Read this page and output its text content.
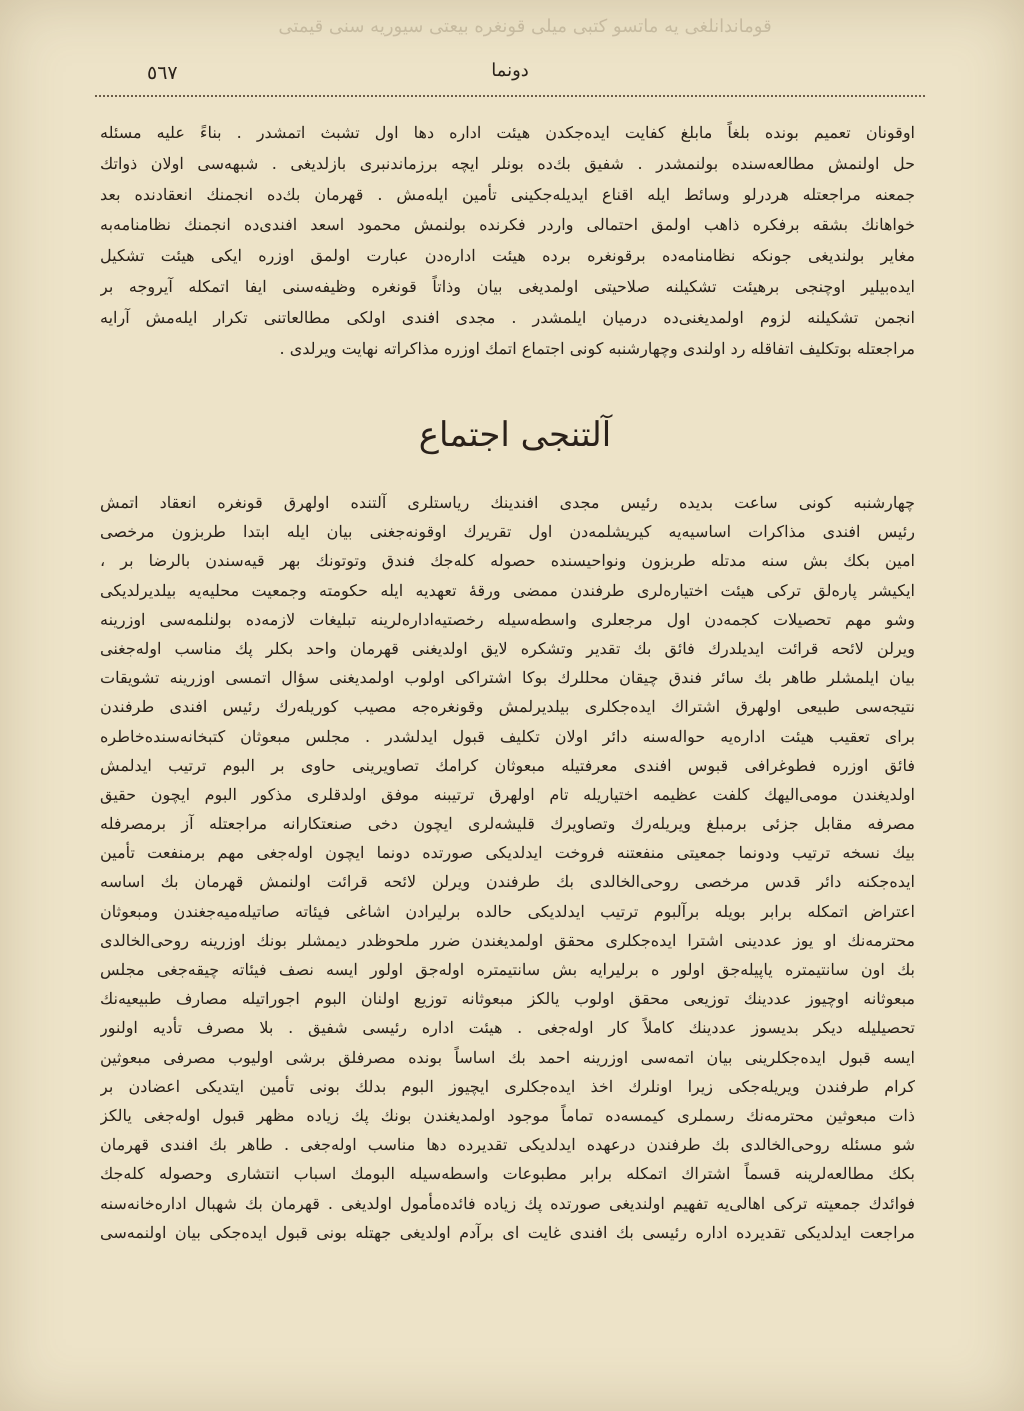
قوماندانلغی یه ماتسو کتبی میلی قونغره بیعتی سیوریه سنی قیمتی
٥٦٧	دونما
اوقونان تعمیم بونده بلغاً مابلغ کفایت ایده‌جکدن هیئت اداره دها اول تشبث اتمشدر . بناءً علیه مسئله
حل اولنمش مطالعه‌سنده بولنمشدر . شفیق بك‌ده بونلر ایچه برزماندنبری بازلدیغی . شبهه‌سی اولان ذواتك
جمعنه مراجعتله هردرلو وسائط ایله اقناع ایدیله‌جکینی تأمین ایله‌مش . قهرمان بك‌ده انجمنك انعقادنده بعد
خواهانك بشقه برفکره ذاهب اولمق احتمالی واردر فکرنده بولنمش محمود اسعد افندی‌ده انجمنك نظامنامه‌به
مغایر بولندیغی جونکه نظامنامه‌ده برقونغره برده هیئت اداره‌دن عبارت اولمق اوزره ایکی هیئت تشکیل
ایده‌بیلیر اوچنجی برهیئت تشکیلنه صلاحیتی اولمدیغی بیان وذاتاً قونغره وظیفه‌سنی ایفا اتمکله آیروجه بر
انجمن تشکیلنه لزوم اولمدیغنی‌ده درمیان ایلمشدر . مجدی افندی اولکی مطالعاتنی تکرار ایله‌مش آرایه
مراجعتله بوتکلیف اتفاقله رد اولندی وچهارشنبه کونی اجتماع اتمك اوزره مذاکراته نهایت ویرلدی .
آلتنجی اجتماع
چهارشنبه کونی ساعت بدیده رئیس مجدی افندینك ریاستلری آلتنده اولهرق قونغره انعقاد اتمش
رئیس افندی مذاکرات اساسیه‌یه کیریشلمه‌دن اول تقریرك اوقونه‌جغنی بیان ایله ابتدا طربزون مرخصی
امین بکك بش سنه مدتله طربزون ونواحیسنده حصوله کله‌جك فندق وتوتونك بهر قیه‌سندن بالرضا بر ،
ایکیشر پاره‌لق ترکی هیئت اختیاره‌لری طرفندن ممضی ورقهٔ تعهدیه ایله حکومته وجمعیت محلیه‌یه بیلدیرلدیکی
وشو مهم تحصیلات کجمه‌دن اول مرجعلری واسطه‌سیله رخصتیه‌اداره‌لرینه تبلیغات لازمه‌ده بولنلمه‌سی اوزرینه
ویرلن لائحه قرائت ایدیلدرك فائق بك تقدیر وتشکره لایق اولدیغنی قهرمان واحد بکلر پك مناسب اوله‌جغنی
بیان ایلمشلر طاهر بك سائر فندق چیقان محللرك بوکا اشتراکی اولوب اولمدیغنی سؤال اتمسی اوزرینه تشویقات
نتیجه‌سی طبیعی اولهرق اشتراك ایده‌جکلری بیلدیرلمش وقونغره‌جه مصیب کوریله‌رك رئیس افندی طرفندن
برای تعقیب هیئت اداره‌یه حواله‌سنه دائر اولان تکلیف قبول ایدلشدر . مجلس مبعوثان کتبخانه‌سنده‌خاطره
فائق اوزره فطوغرافی قبوس افندی معرفتیله مبعوثان کرامك تصاویرینی حاوی بر البوم ترتیب ایدلمش
اولدیغندن مومی‌الیهك کلفت عظیمه اختیاریله تام اولهرق ترتیبنه موفق اولدقلری مذکور البوم ایچون حقیق
مصرفه مقابل جزئی برمبلغ ویریله‌رك وتصاویرك قلیشه‌لری ایچون دخی صنعتکارانه مراجعتله آز برمصرفله
بیك نسخه ترتیب ودونما جمعیتی منفعتنه فروخت ایدلدیکی صورتده دونما ایچون اوله‌جغی مهم برمنفعت تأمین
ایده‌جکنه دائر قدس مرخصی روحی‌الخالدی بك طرفندن ویرلن لائحه قرائت اولنمش قهرمان بك اساسه
اعتراض اتمکله برابر بویله برآلبوم ترتیب ایدلدیکی حالده برلیرادن اشاغی فیئاته صاتیله‌میه‌جغندن ومبعوثان
محترمه‌نك او یوز عددینی اشترا ایده‌جکلری محقق اولمدیغندن ضرر ملحوظدر دیمشلر بونك اوزرینه روحی‌الخالدی
بك اون سانتیمتره یاپیله‌جق اولور ه برلیرایه بش سانتیمتره اوله‌جق اولور ایسه نصف فیئاته چیقه‌جغی مجلس
مبعوثانه اوچیوز عددینك توزیعی محقق اولوب یالکز مبعوثانه توزیع اولنان البوم اجوراتیله مصارف طبیعیه‌نك
تحصیلیله دیکر بدیسوز عددینك کاملاً کار اوله‌جغی . هیئت اداره رئیسی شفیق . بلا مصرف تأدیه اولنور
ایسه قبول ایده‌جکلرینی بیان اتمه‌سی اوزرینه احمد بك اساساً بونده مصرفلق برشی اولیوب مصرفی مبعوثین
کرام طرفندن ویریله‌جکی زیرا اونلرك اخذ ایده‌جکلری ایچیوز البوم بدلك بونی تأمین ایتدیکی اعضادن بر
ذات مبعوثین محترمه‌نك رسملری کیمسه‌ده تماماً موجود اولمدیغندن بونك پك زیاده مظهر قبول اوله‌جغی یالکز
شو مسئله روحی‌الخالدی بك طرفندن درعهده ایدلدیکی تقدیرده دها مناسب اوله‌جغی . طاهر بك افندی قهرمان
بکك مطالعه‌لرینه قسماً اشتراك اتمکله برابر مطبوعات واسطه‌سیله البومك اسباب انتشاری وحصوله کله‌جك
فوائدك جمعیته ترکی اهالی‌یه تفهیم اولندیغی صورتده پك زیاده فائده‌مأمول اولدیغی . قهرمان بك شهبال اداره‌خانه‌سنه
مراجعت ایدلدیکی تقدیرده اداره رئیسی بك افندی غایت ای برآدم اولدیغی جهتله بونی قبول ایده‌جکی بیان اولنمه‌سی
